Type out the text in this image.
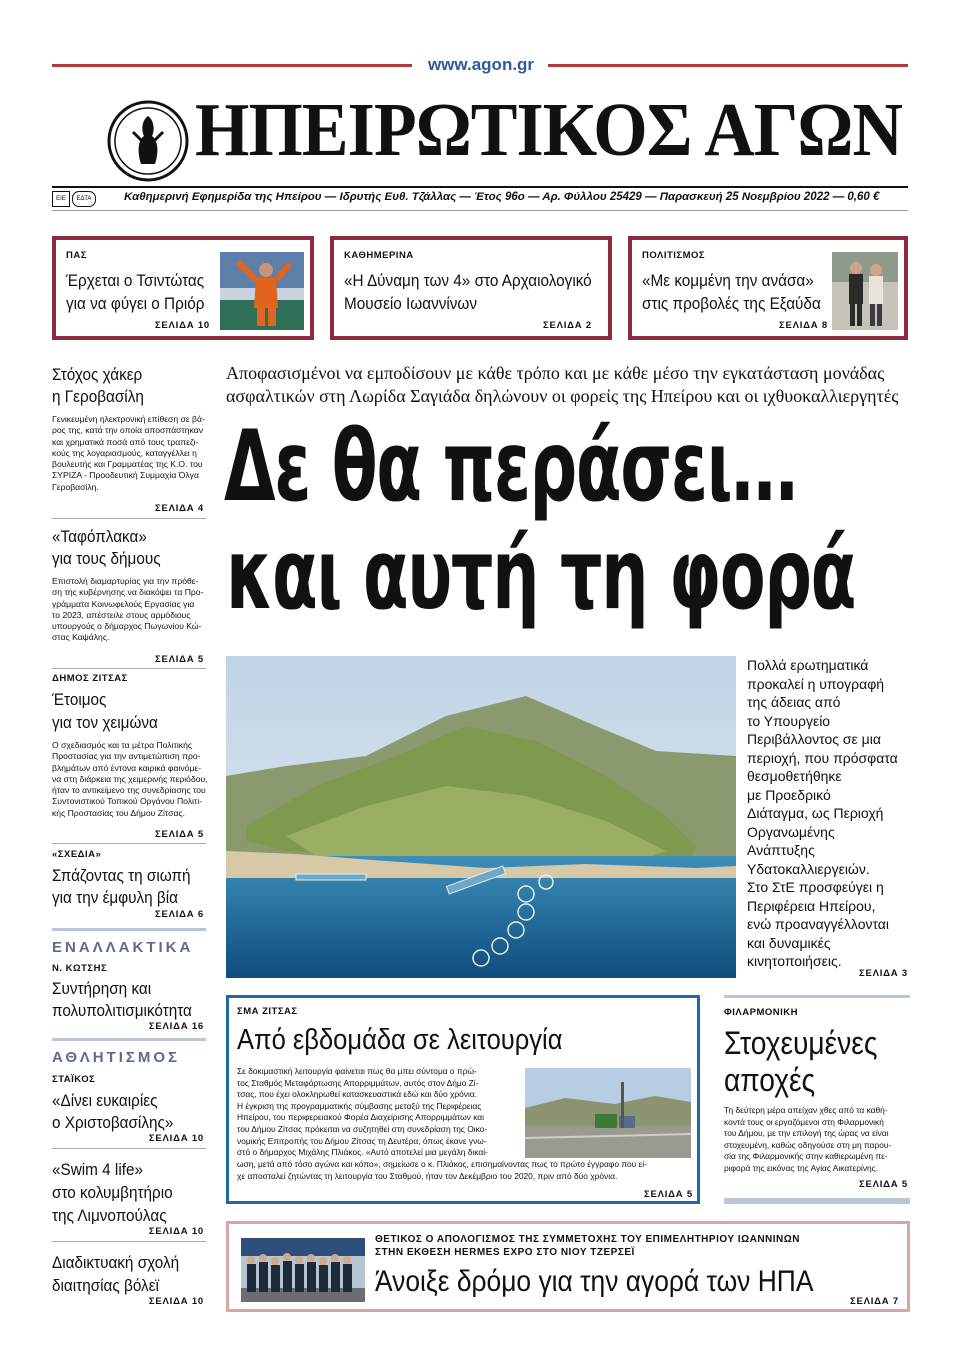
www.agon.gr
ΗΠΕΙΡΩΤΙΚΟΣ ΑΓΩΝ
ΕΙΕ	ΕΔΤΑ	Καθημερινή Εφημερίδα της Ηπείρου — Ιδρυτής Ευθ. Τζάλλας — Έτος 96ο — Αρ. Φύλλου 25429 — Παρασκευή 25 Νοεμβρίου 2022 — 0,60 €
ΠΑΣ
Έρχεται ο Τσιντώτας
για να φύγει ο Πριόρ
ΣΕΛΙΔΑ 10
ΚΑΘΗΜΕΡΙΝΑ
«Η Δύναμη των 4» στο Αρχαιολογικό
Μουσείο Ιωαννίνων
ΣΕΛΙΔΑ 2
ΠΟΛΙΤΙΣΜΟΣ
«Με κομμένη την ανάσα»
στις προβολές της Εξαύδα
ΣΕΛΙΔΑ 8
Στόχος χάκερ
η Γεροβασίλη
Γενικευμένη ηλεκτρονική επίθεση σε βά-
ρος της, κατά την οποία αποσπάστηκαν
και χρηματικά ποσά από τους τραπεζι-
κούς της λογαριασμούς, καταγγέλλει η
βουλευτής και Γραμματέας της Κ.Ο. του
ΣΥΡΙΖΑ - Προοδευτική Συμμαχία Όλγα
Γεροβασίλη.
ΣΕΛΙΔΑ 4
«Ταφόπλακα»
για τους δήμους
Επιστολή διαμαρτυρίας για την πρόθε-
ση της κυβέρνησης να διακόψει τα Προ-
γράμματα Κοινωφελούς Εργασίας για
το 2023, απέστειλε στους αρμόδιους
υπουργούς ο δήμαρχος Πωγωνίου Κώ-
στας Καψάλης.
ΣΕΛΙΔΑ 5
ΔΗΜΟΣ ΖΙΤΣΑΣ
Έτοιμος
για τον χειμώνα
Ο σχεδιασμός και τα μέτρα Πολιτικής
Προστασίας για την αντιμετώπιση προ-
βλημάτων από έντονα καιρικά φαινόμε-
να στη διάρκεια της χειμερινής περιόδου,
ήταν το αντικείμενο της συνεδρίασης του
Συντονιστικού Τοπικού Οργάνου Πολιτι-
κής Προστασίας του Δήμου Ζίτσας.
ΣΕΛΙΔΑ 5
«ΣΧΕΔΙΑ»
Σπάζοντας τη σιωπή
για την έμφυλη βία
ΣΕΛΙΔΑ 6
ΕΝΑΛΛΑΚΤΙΚΑ
Ν. ΚΩΤΣΗΣ
Συντήρηση και
πολυπολιτισμικότητα
ΣΕΛΙΔΑ 16
ΑΘΛΗΤΙΣΜΟΣ
ΣΤΑΪΚΟΣ
«Δίνει ευκαιρίες
ο Χριστοβασίλης»
ΣΕΛΙΔΑ 10
«Swim 4 life»
στο κολυμβητήριο
της Λιμνοπούλας
ΣΕΛΙΔΑ 10
Διαδικτυακή σχολή
διαιτησίας βόλεϊ
ΣΕΛΙΔΑ 10
Αποφασισμένοι να εμποδίσουν με κάθε τρόπο και με κάθε μέσο την εγκατάσταση μονάδας
ασφαλτικών στη Λωρίδα Σαγιάδα δηλώνουν οι φορείς της Ηπείρου και οι ιχθυοκαλλιεργητές
Δε θα περάσει…
και αυτή τη φορά
Πολλά ερωτηματικά
προκαλεί η υπογραφή
της άδειας από
το Υπουργείο
Περιβάλλοντος σε μια
περιοχή, που πρόσφατα
θεσμοθετήθηκε
με Προεδρικό
Διάταγμα, ως Περιοχή
Οργανωμένης
Ανάπτυξης
Υδατοκαλλιεργειών.
Στο ΣτΕ προσφεύγει η
Περιφέρεια Ηπείρου,
ενώ προαναγγέλλονται
και δυναμικές
κινητοποιήσεις.
ΣΕΛΙΔΑ 3
ΣΜΑ ΖΙΤΣΑΣ
Από εβδομάδα σε λειτουργία
Σε δοκιμαστική λειτουργία φαίνεται πως θα μπει σύντομα ο πρώ-
τος Σταθμός Μεταφόρτωσης Απορριμμάτων, αυτός στον Δήμο Ζί-
τσας, που έχει ολοκληρωθεί κατασκευαστικά εδώ και δύο χρόνια.
Η έγκριση της προγραμματικής σύμβασης μεταξύ της Περιφέρειας
Ηπείρου, του περιφερειακού Φορέα Διαχείρισης Απορριμμάτων και
του Δήμου Ζίτσας πρόκειται να συζητηθεί στη συνεδρίαση της Οικο-
νομικής Επιτροπής του Δήμου Ζίτσας τη Δευτέρα, όπως έκανε γνω-
στό ο δήμαρχος Μιχάλης Πλιάκος. «Αυτό αποτελεί μια μεγάλη δικαί-
ωση, μετά από τόσο αγώνα και κόπο», σημείωσε ο κ. Πλιάκος, επισημαίνοντας πως το πρώτο έγγραφο που εί-
χε αποσταλεί ζητώντας τη λειτουργία του Σταθμού, ήταν τον Δεκέμβριο του 2020, πριν από δύο χρόνια.
ΣΕΛΙΔΑ 5
ΦΙΛΑΡΜΟΝΙΚΗ
Στοχευμένες
αποχές
Τη δεύτερη μέρα απείχαν χθες από τα καθή-
κοντά τους οι εργαζόμενοι στη Φιλαρμονική
του Δήμου, με την επιλογή της ώρας να είναι
στοχευμένη, καθώς οδηγούσε στη μη παρου-
σία της Φιλαρμονικής στην καθιερωμένη πε-
ριφορά της εικόνας της Αγίας Αικατερίνης.
ΣΕΛΙΔΑ 5
ΘΕΤΙΚΟΣ Ο ΑΠΟΛΟΓΙΣΜΟΣ ΤΗΣ ΣΥΜΜΕΤΟΧΗΣ ΤΟΥ ΕΠΙΜΕΛΗΤΗΡΙΟΥ ΙΩΑΝΝΙΝΩΝ
ΣΤΗΝ ΕΚΘΕΣΗ HERMES EXPO ΣΤΟ ΝΙΟΥ ΤΖΕΡΣΕΪ
Άνοιξε δρόμο για την αγορά των ΗΠΑ
ΣΕΛΙΔΑ 7
